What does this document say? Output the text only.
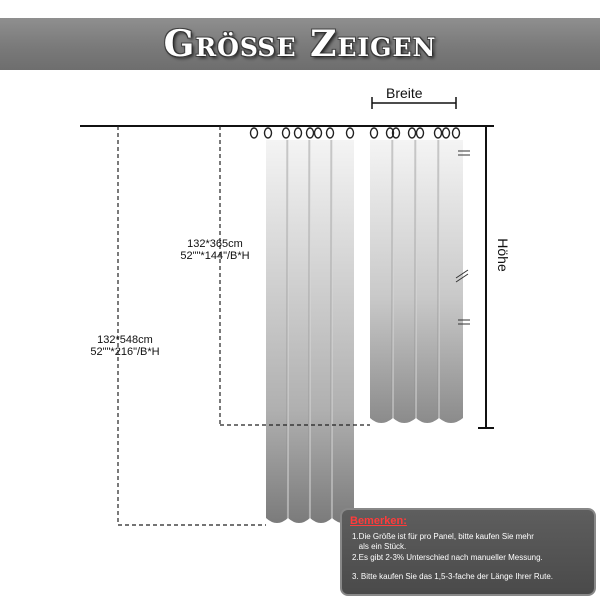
Größe Zeigen
Breite
Höhe
132*365cm
52""*144"/B*H
132*548cm
52""*216"/B*H
Bemerken:
1.Die Größe ist für pro Panel, bitte kaufen Sie mehr
als ein Stück.
2.Es gibt 2-3% Unterschied nach manueller Messung.
3. Bitte kaufen Sie das 1,5-3-fache der Länge Ihrer Rute.
